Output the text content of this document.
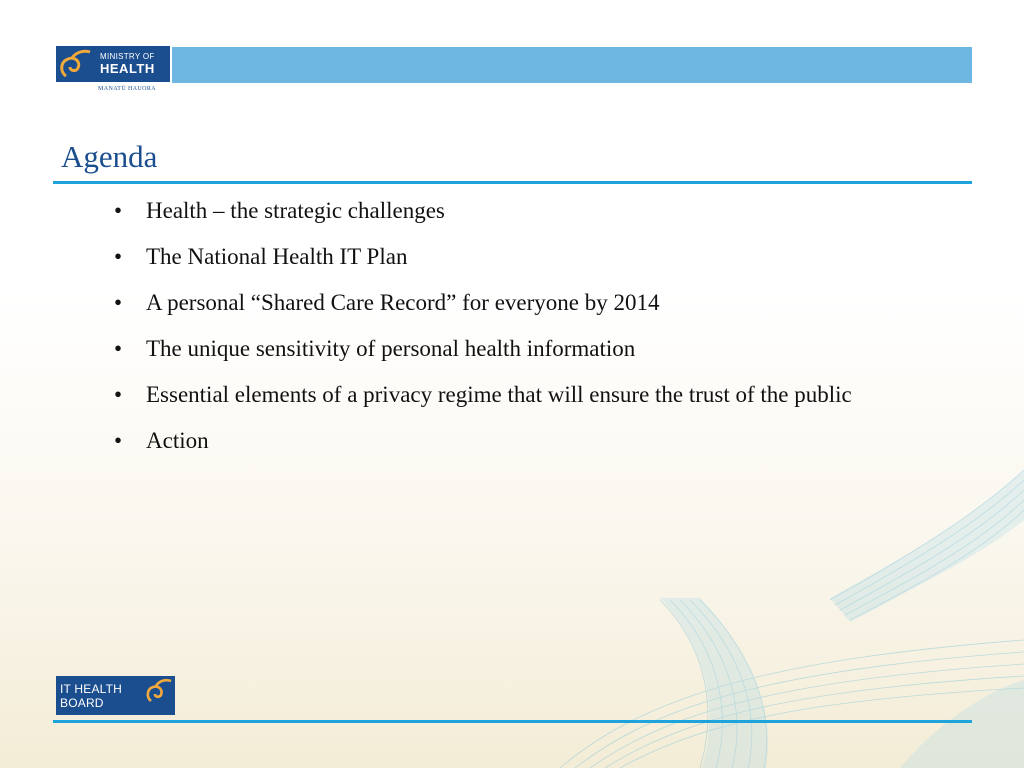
MINISTRY OF
HEALTH
MANATŪ HAUORA
Agenda
• Health – the strategic challenges
• The National Health IT Plan
• A personal “Shared Care Record” for everyone by 2014
• The unique sensitivity of personal health information
• Essential elements of a privacy regime that will ensure the trust of the public
• Action
IT HEALTH
BOARD
